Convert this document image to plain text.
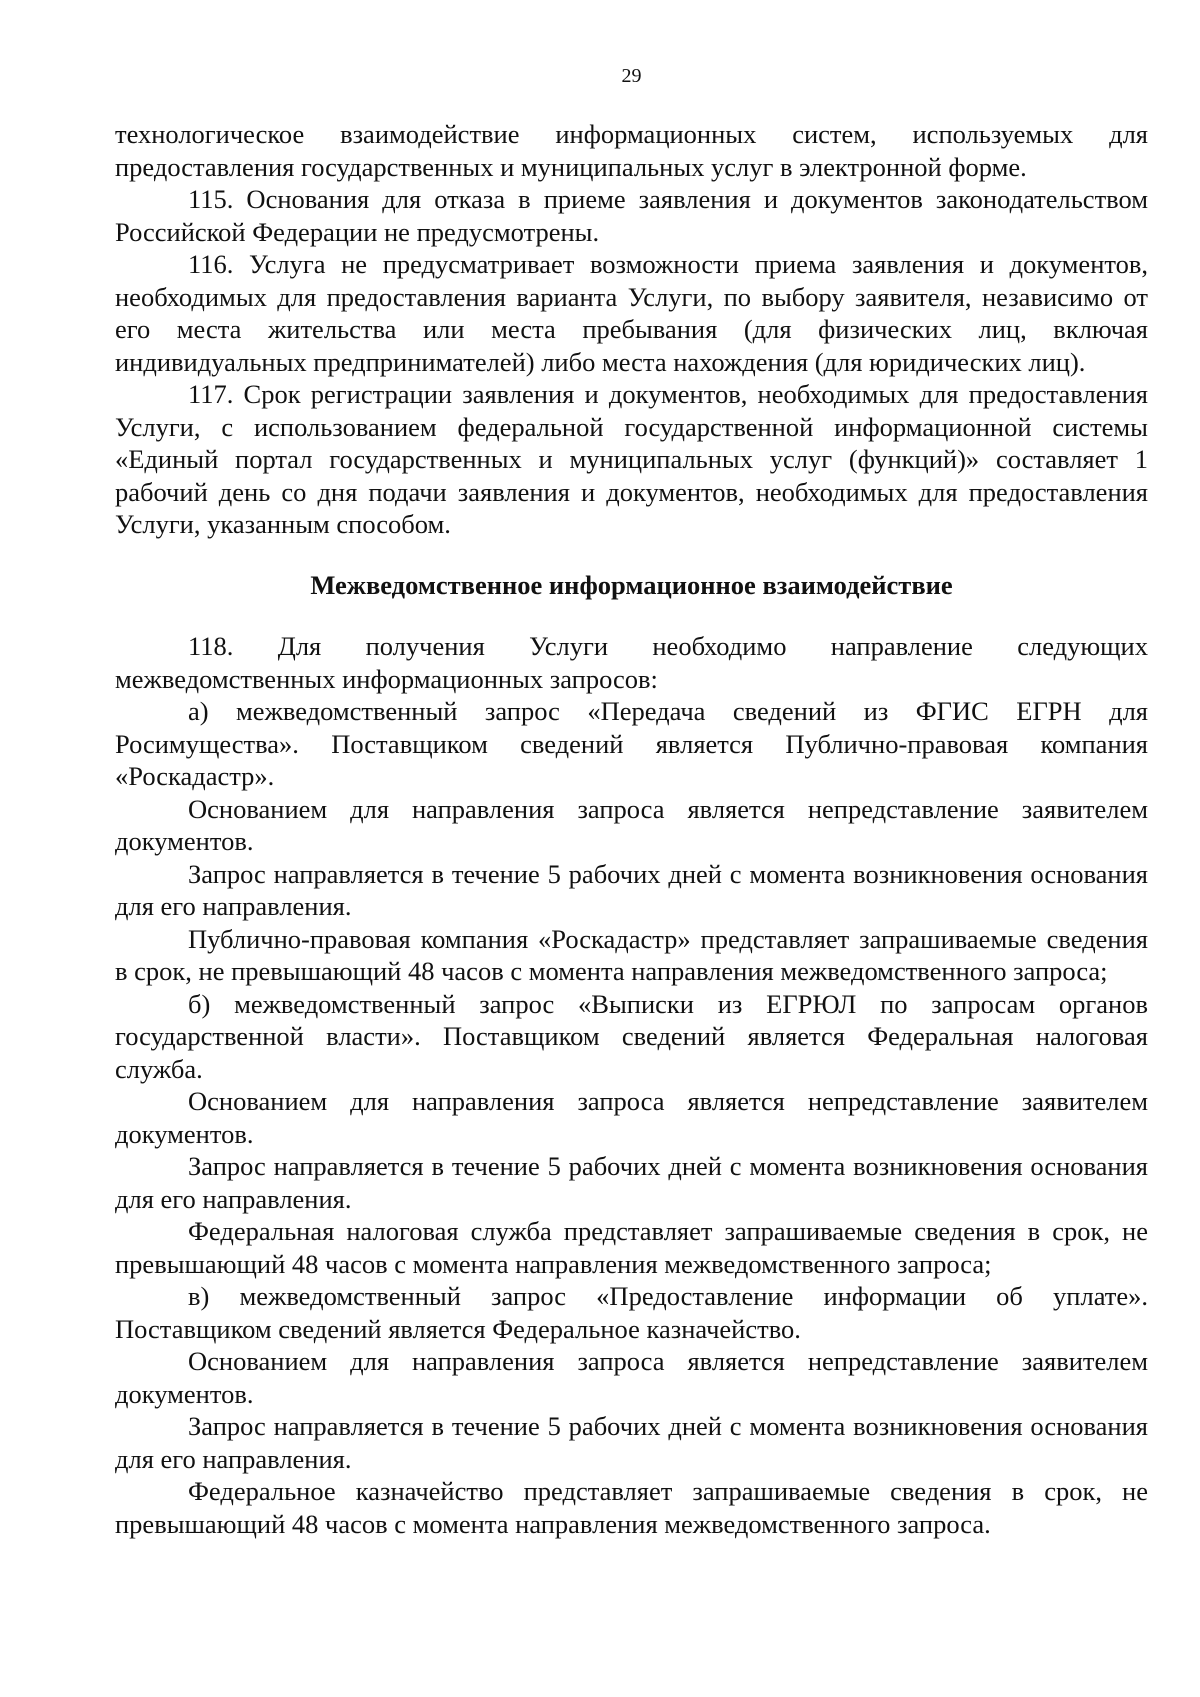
29

технологическое взаимодействие информационных систем, используемых для предоставления государственных и муниципальных услуг в электронной форме.

115. Основания для отказа в приеме заявления и документов законодательством Российской Федерации не предусмотрены.

116. Услуга не предусматривает возможности приема заявления и документов, необходимых для предоставления варианта Услуги, по выбору заявителя, независимо от его места жительства или места пребывания (для физических лиц, включая индивидуальных предпринимателей) либо места нахождения (для юридических лиц).

117. Срок регистрации заявления и документов, необходимых для предоставления Услуги, с использованием федеральной государственной информационной системы «Единый портал государственных и муниципальных услуг (функций)» составляет 1 рабочий день со дня подачи заявления и документов, необходимых для предоставления Услуги, указанным способом.

Межведомственное информационное взаимодействие

118. Для получения Услуги необходимо направление следующих межведомственных информационных запросов:

а) межведомственный запрос «Передача сведений из ФГИС ЕГРН для Росимущества». Поставщиком сведений является Публично-правовая компания «Роскадастр».

Основанием для направления запроса является непредставление заявителем документов.

Запрос направляется в течение 5 рабочих дней с момента возникновения основания для его направления.

Публично-правовая компания «Роскадастр» представляет запрашиваемые сведения в срок, не превышающий 48 часов с момента направления межведомственного запроса;

б) межведомственный запрос «Выписки из ЕГРЮЛ по запросам органов государственной власти». Поставщиком сведений является Федеральная налоговая служба.

Основанием для направления запроса является непредставление заявителем документов.

Запрос направляется в течение 5 рабочих дней с момента возникновения основания для его направления.

Федеральная налоговая служба представляет запрашиваемые сведения в срок, не превышающий 48 часов с момента направления межведомственного запроса;

в) межведомственный запрос «Предоставление информации об уплате». Поставщиком сведений является Федеральное казначейство.

Основанием для направления запроса является непредставление заявителем документов.

Запрос направляется в течение 5 рабочих дней с момента возникновения основания для его направления.

Федеральное казначейство представляет запрашиваемые сведения в срок, не превышающий 48 часов с момента направления межведомственного запроса.
